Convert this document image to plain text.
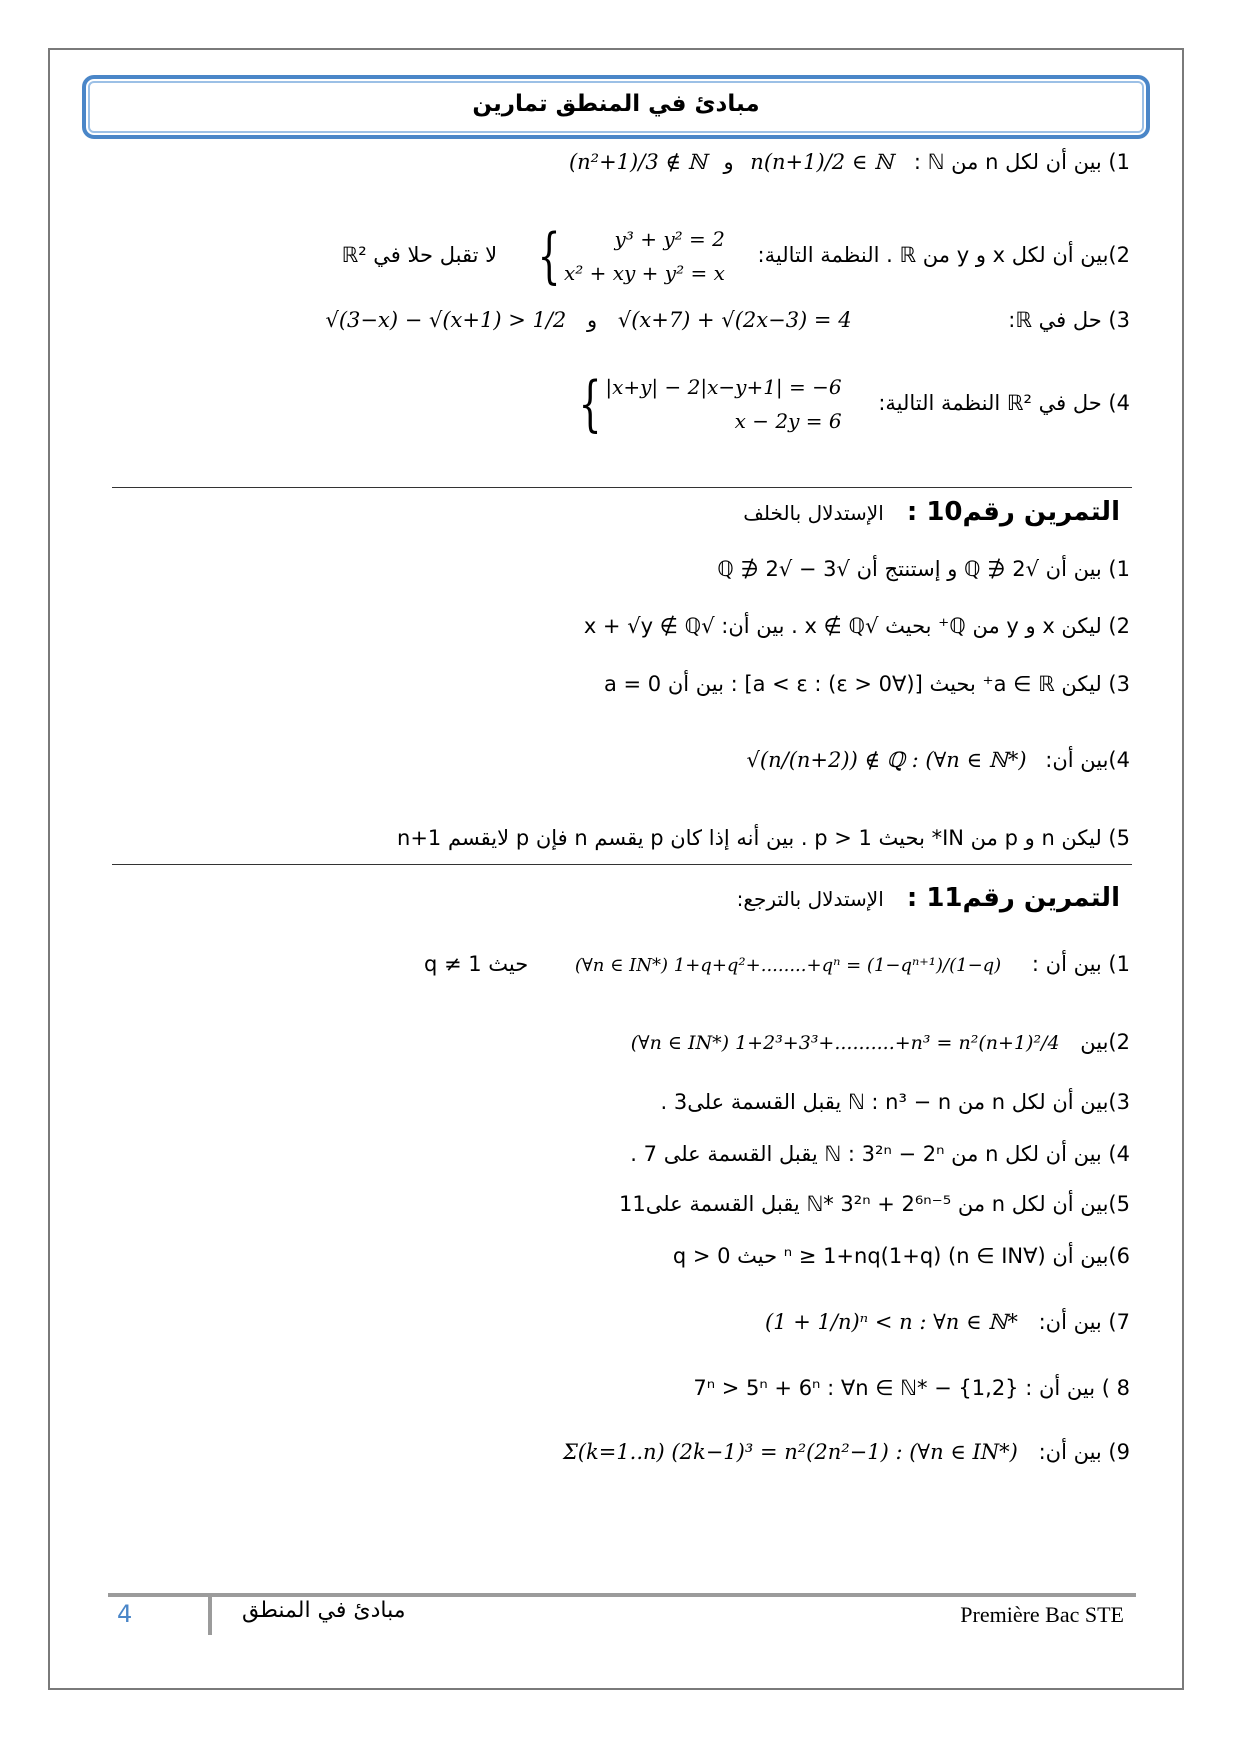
مبادئ في المنطق تمارين
1) بين أن لكل n من ℕ : n(n+1)/2 ∈ ℕ و (n²+1)/3 ∉ ℕ
2)بين أن لكل x و y من ℝ . النظمة التالية:
{	y³ + y² = 2
x² + xy + y² = x
لا تقبل حلا في ℝ²
3) حل في ℝ: √(x+7) + √(2x−3) = 4 و √(3−x) − √(x+1) > 1/2
4) حل في ℝ² النظمة التالية:
{ |x+y| − 2|x−y+1| = −6
x − 2y = 6
التمرين رقم10 : الإستدلال بالخلف
1) بين أن √2 ∉ ℚ و إستنتج أن √3 − √2 ∉ ℚ
2) ليكن x و y من ℚ⁺ بحيث √x ∉ ℚ . بين أن: √x + √y ∉ ℚ
3) ليكن a ∈ ℝ⁺ بحيث [(∀ε > 0) : a < ε] : بين أن a = 0
4)بين أن: √(n/(n+2)) ∉ ℚ : (∀n ∈ ℕ*)
5) ليكن n و p من IN* بحيث p > 1 . بين أنه إذا كان p يقسم n فإن p لايقسم n+1
التمرين رقم11 : الإستدلال بالترجع:
1) بين أن : (∀n ∈ IN*) 1+q+q²+........+qⁿ = (1−qⁿ⁺¹)/(1−q) حيث q ≠ 1
2)بين (∀n ∈ IN*) 1+2³+3³+..........+n³ = n²(n+1)²/4
3)بين أن لكل n من ℕ : n³ − n يقبل القسمة على3 .
4) بين أن لكل n من ℕ : 3²ⁿ − 2ⁿ يقبل القسمة على 7 .
5)بين أن لكل n من ℕ* 3²ⁿ + 2⁶ⁿ⁻⁵ يقبل القسمة على11
6)بين أن (∀n ∈ IN) (1+q)ⁿ ≥ 1+nq حيث q > 0
7) بين أن: (1 + 1/n)ⁿ < n : ∀n ∈ ℕ*
8 ) بين أن : 7ⁿ > 5ⁿ + 6ⁿ : ∀n ∈ ℕ* − {1,2}
9) بين أن: Σ(k=1..n) (2k−1)³ = n²(2n²−1) : (∀n ∈ IN*)
4	مبادئ في المنطق	Première Bac STE
